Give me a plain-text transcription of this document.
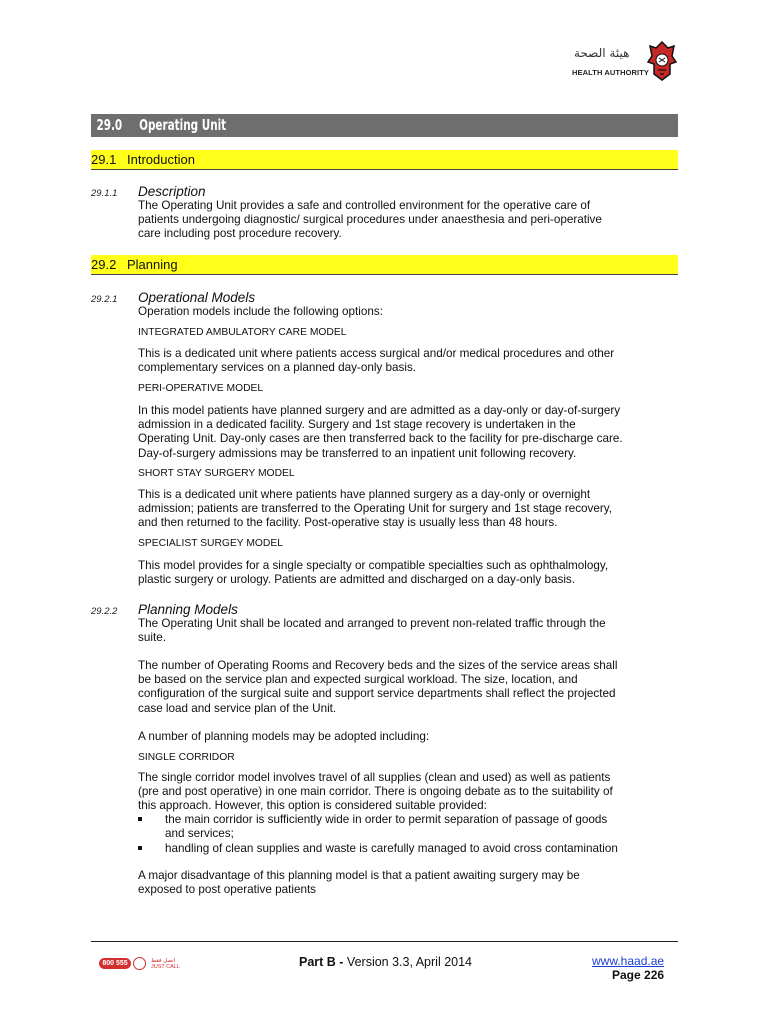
هيئة الصحة
HEALTH AUTHORITY
29.0 Operating Unit
29.1 Introduction
29.1.1 Description
The Operating Unit provides a safe and controlled environment for the operative care of
patients undergoing diagnostic/ surgical procedures under anaesthesia and peri-operative
care including post procedure recovery.
29.2 Planning
29.2.1 Operational Models
Operation models include the following options:
INTEGRATED AMBULATORY CARE MODEL
This is a dedicated unit where patients access surgical and/or medical procedures and other
complementary services on a planned day-only basis.
PERI-OPERATIVE MODEL
In this model patients have planned surgery and are admitted as a day-only or day-of-surgery
admission in a dedicated facility. Surgery and 1st stage recovery is undertaken in the
Operating Unit. Day-only cases are then transferred back to the facility for pre-discharge care.
Day-of-surgery admissions may be transferred to an inpatient unit following recovery.
SHORT STAY SURGERY MODEL
This is a dedicated unit where patients have planned surgery as a day-only or overnight
admission; patients are transferred to the Operating Unit for surgery and 1st stage recovery,
and then returned to the facility. Post-operative stay is usually less than 48 hours.
SPECIALIST SURGEY MODEL
This model provides for a single specialty or compatible specialties such as ophthalmology,
plastic surgery or urology. Patients are admitted and discharged on a day-only basis.
29.2.2 Planning Models
The Operating Unit shall be located and arranged to prevent non-related traffic through the
suite.
The number of Operating Rooms and Recovery beds and the sizes of the service areas shall
be based on the service plan and expected surgical workload. The size, location, and
configuration of the surgical suite and support service departments shall reflect the projected
case load and service plan of the Unit.
A number of planning models may be adopted including:
SINGLE CORRIDOR
The single corridor model involves travel of all supplies (clean and used) as well as patients
(pre and post operative) in one main corridor. There is ongoing debate as to the suitability of
this approach. However, this option is considered suitable provided:
the main corridor is sufficiently wide in order to permit separation of passage of goods
and services;
handling of clean supplies and waste is carefully managed to avoid cross contamination
A major disadvantage of this planning model is that a patient awaiting surgery may be
exposed to post operative patients
800 555	اتصل فقط
JUST CALL	Part B - Version 3.3, April 2014	www.haad.ae
Page 226
